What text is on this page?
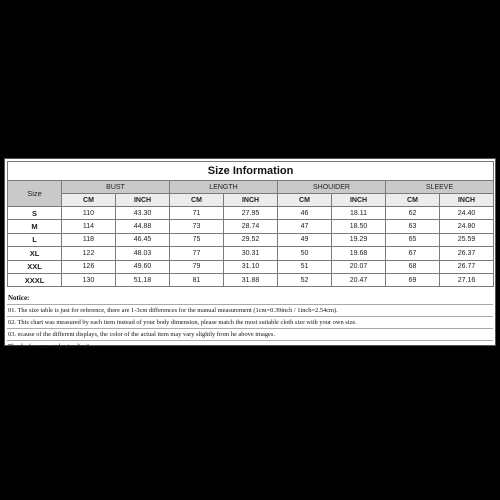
Size Information								
Size	BUST		LENGTH		SHOUIDER		SLEEVE	
	CM	INCH	CM	INCH	CM	INCH	CM	INCH
S	110	43.30	71	27.95	46	18.11	62	24.40
M	114	44.88	73	28.74	47	18.50	63	24.80
L	118	46.45	75	29.52	49	19.29	65	25.59
XL	122	48.03	77	30.31	50	19.68	67	26.37
XXL	126	49.60	79	31.10	51	20.07	68	26.77
XXXL	130	51.18	81	31.88	52	20.47	69	27.16
Notice:
01. The size table is just for reference, there are 1-3cm differences for the manual measurement (1cm=0.39inch / 1inch=2.54cm).
02. This chart was measured by each item instead of your body dimension, please match the most suitable cloth size with your own size.
03. ecause of the different displays, the color of the actual item may vary slightly from he above images.
Thanks for your understanding!
